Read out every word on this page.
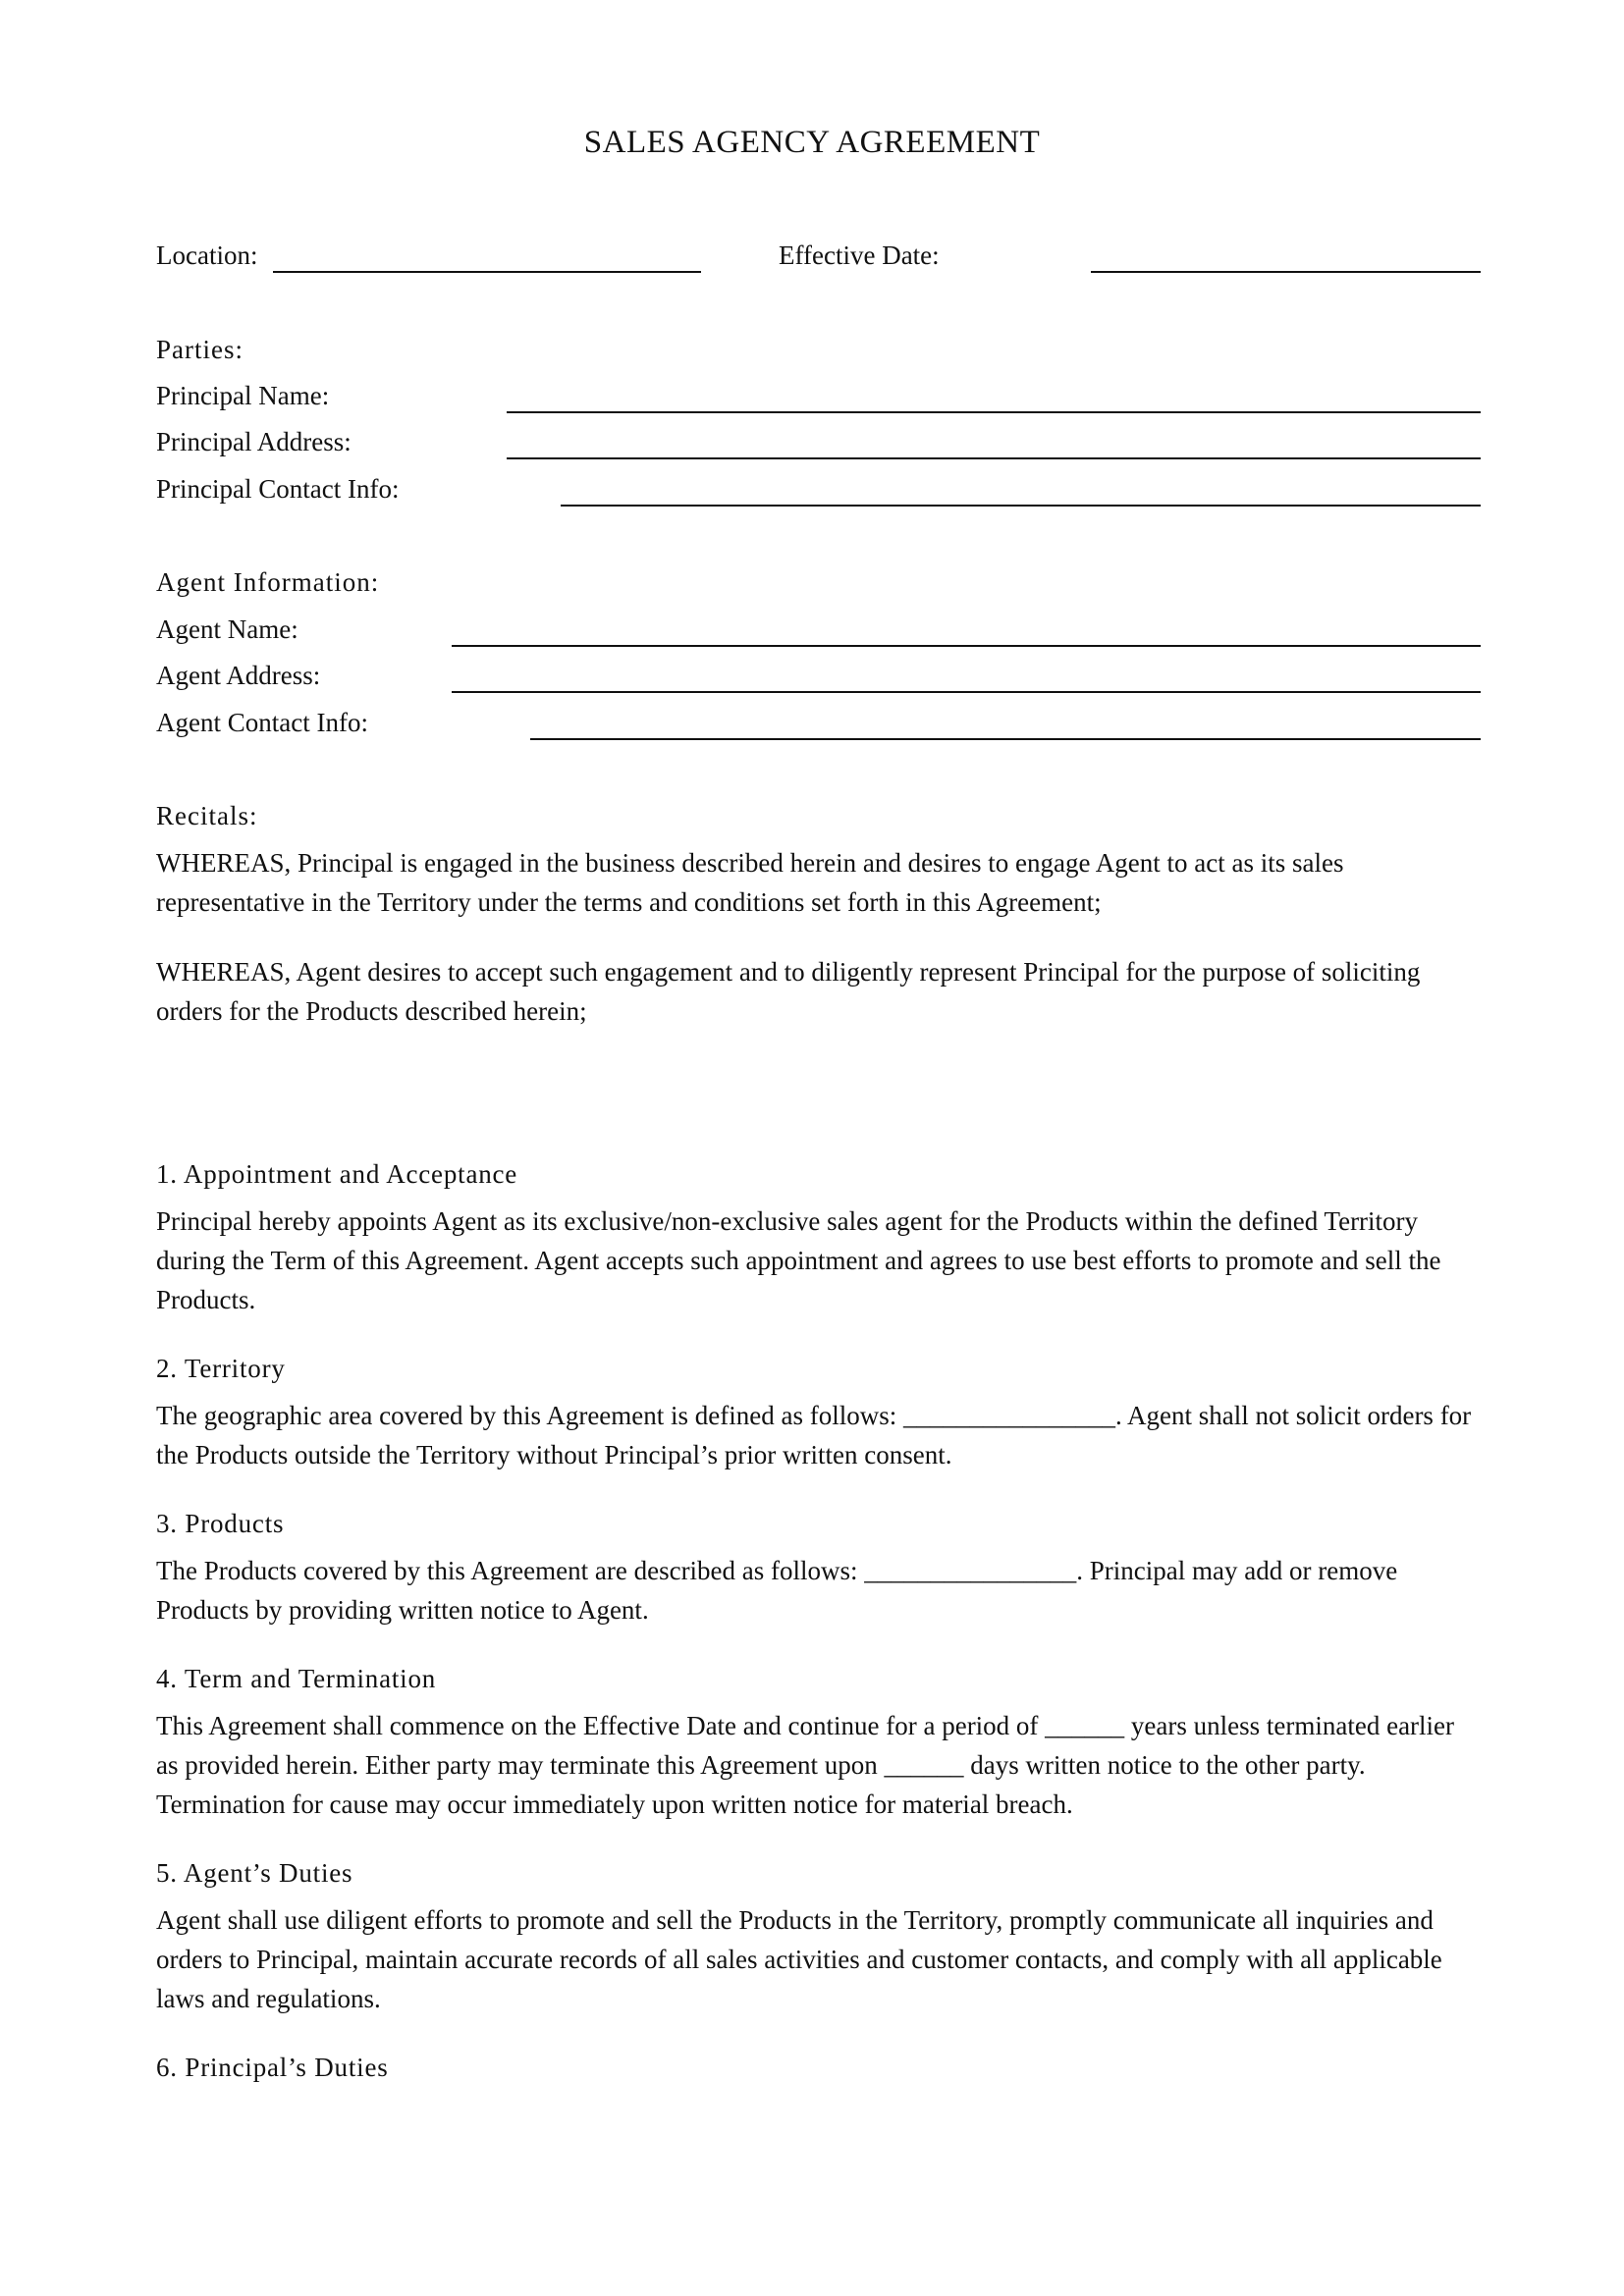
SALES AGENCY AGREEMENT
Location:	Effective Date:
Parties:
Principal Name:
Principal Address:
Principal Contact Info:
Agent Information:
Agent Name:
Agent Address:
Agent Contact Info:
Recitals:
WHEREAS, Principal is engaged in the business described herein and desires to engage Agent to act as its sales representative in the Territory under the terms and conditions set forth in this Agreement;
WHEREAS, Agent desires to accept such engagement and to diligently represent Principal for the purpose of soliciting orders for the Products described herein;
1. Appointment and Acceptance
Principal hereby appoints Agent as its exclusive/non-exclusive sales agent for the Products within the defined Territory during the Term of this Agreement. Agent accepts such appointment and agrees to use best efforts to promote and sell the Products.
2. Territory
The geographic area covered by this Agreement is defined as follows: ________________. Agent shall not solicit orders for the Products outside the Territory without Principal’s prior written consent.
3. Products
The Products covered by this Agreement are described as follows: ________________. Principal may add or remove Products by providing written notice to Agent.
4. Term and Termination
This Agreement shall commence on the Effective Date and continue for a period of ______ years unless terminated earlier as provided herein. Either party may terminate this Agreement upon ______ days written notice to the other party. Termination for cause may occur immediately upon written notice for material breach.
5. Agent’s Duties
Agent shall use diligent efforts to promote and sell the Products in the Territory, promptly communicate all inquiries and orders to Principal, maintain accurate records of all sales activities and customer contacts, and comply with all applicable laws and regulations.
6. Principal’s Duties
